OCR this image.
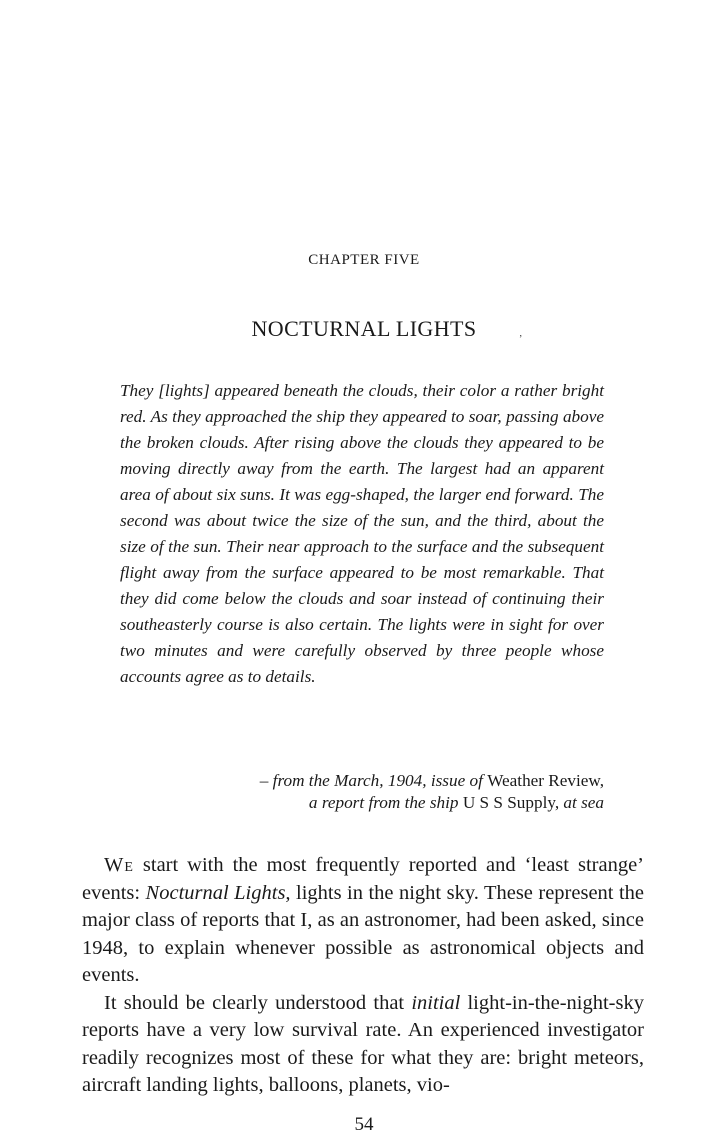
CHAPTER FIVE
NOCTURNAL LIGHTS	ʼ

They [lights] appeared beneath the clouds, their color a rather bright red. As they approached the ship they appeared to soar, passing above the broken clouds. After rising above the clouds they appeared to be moving directly away from the earth. The largest had an apparent area of about six suns. It was egg-shaped, the larger end forward. The second was about twice the size of the sun, and the third, about the size of the sun. Their near approach to the surface and the subsequent flight away from the surface appeared to be most remarkable. That they did come below the clouds and soar instead of continuing their southeasterly course is also certain. The lights were in sight for over two minutes and were carefully observed by three people whose accounts agree as to details.

– from the March, 1904, issue of Weather Review,
a report from the ship U S S Supply, at sea

We start with the most frequently reported and ‘least strange’ events: Nocturnal Lights, lights in the night sky. These represent the major class of reports that I, as an astronomer, had been asked, since 1948, to explain whenever possible as astronomical objects and events.

It should be clearly understood that initial light-in-the-night-sky reports have a very low survival rate. An experienced investigator readily recognizes most of these for what they are: bright meteors, aircraft landing lights, balloons, planets, vio-

54
